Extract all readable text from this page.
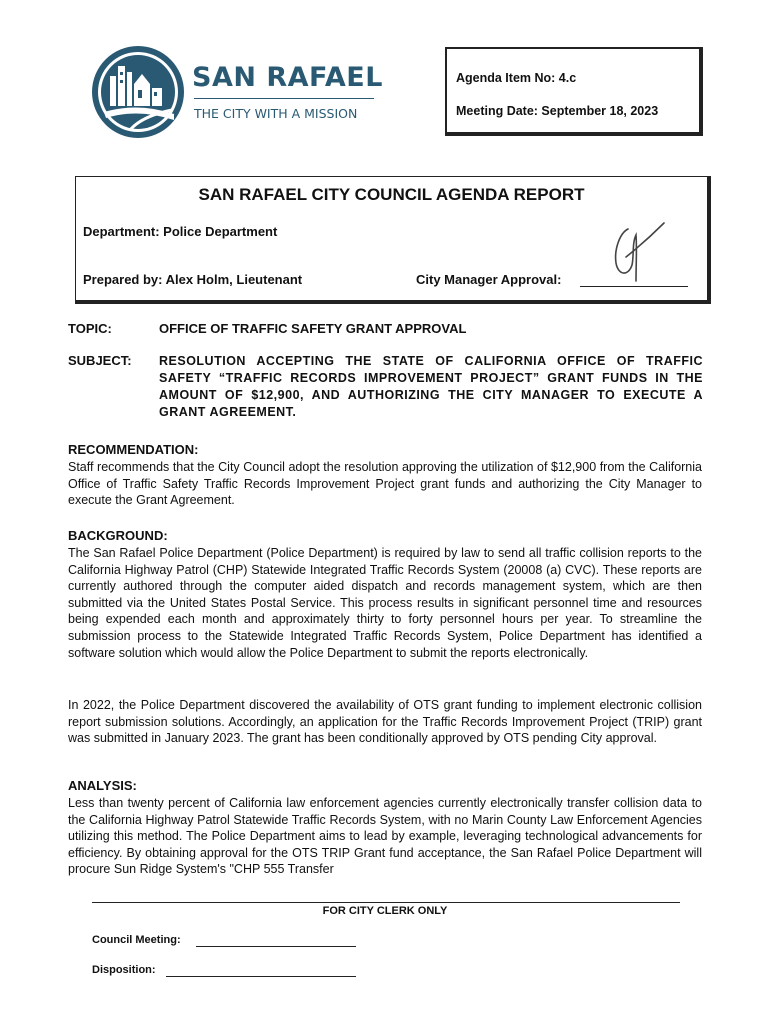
SAN RAFAEL
THE CITY WITH A MISSION
Agenda Item No: 4.c
Meeting Date: September 18, 2023
SAN RAFAEL CITY COUNCIL AGENDA REPORT
Department: Police Department
Prepared by: Alex Holm, Lieutenant	City Manager Approval:
TOPIC:	OFFICE OF TRAFFIC SAFETY GRANT APPROVAL
SUBJECT: RESOLUTION ACCEPTING THE STATE OF CALIFORNIA OFFICE OF TRAFFIC SAFETY “TRAFFIC RECORDS IMPROVEMENT PROJECT” GRANT FUNDS IN THE AMOUNT OF $12,900, AND AUTHORIZING THE CITY MANAGER TO EXECUTE A GRANT AGREEMENT.
RECOMMENDATION:

Staff recommends that the City Council adopt the resolution approving the utilization of $12,900 from the California Office of Traffic Safety Traffic Records Improvement Project grant funds and authorizing the City Manager to execute the Grant Agreement.

BACKGROUND:

The San Rafael Police Department (Police Department) is required by law to send all traffic collision reports to the California Highway Patrol (CHP) Statewide Integrated Traffic Records System (20008 (a) CVC). These reports are currently authored through the computer aided dispatch and records management system, which are then submitted via the United States Postal Service. This process results in significant personnel time and resources being expended each month and approximately thirty to forty personnel hours per year. To streamline the submission process to the Statewide Integrated Traffic Records System, Police Department has identified a software solution which would allow the Police Department to submit the reports electronically.

In 2022, the Police Department discovered the availability of OTS grant funding to implement electronic collision report submission solutions. Accordingly, an application for the Traffic Records Improvement Project (TRIP) grant was submitted in January 2023. The grant has been conditionally approved by OTS pending City approval.

ANALYSIS:

Less than twenty percent of California law enforcement agencies currently electronically transfer collision data to the California Highway Patrol Statewide Traffic Records System, with no Marin County Law Enforcement Agencies utilizing this method. The Police Department aims to lead by example, leveraging technological advancements for efficiency. By obtaining approval for the OTS TRIP Grant fund acceptance, the San Rafael Police Department will procure Sun Ridge System's "CHP 555 Transfer

FOR CITY CLERK ONLY
Council Meeting:
Disposition:
